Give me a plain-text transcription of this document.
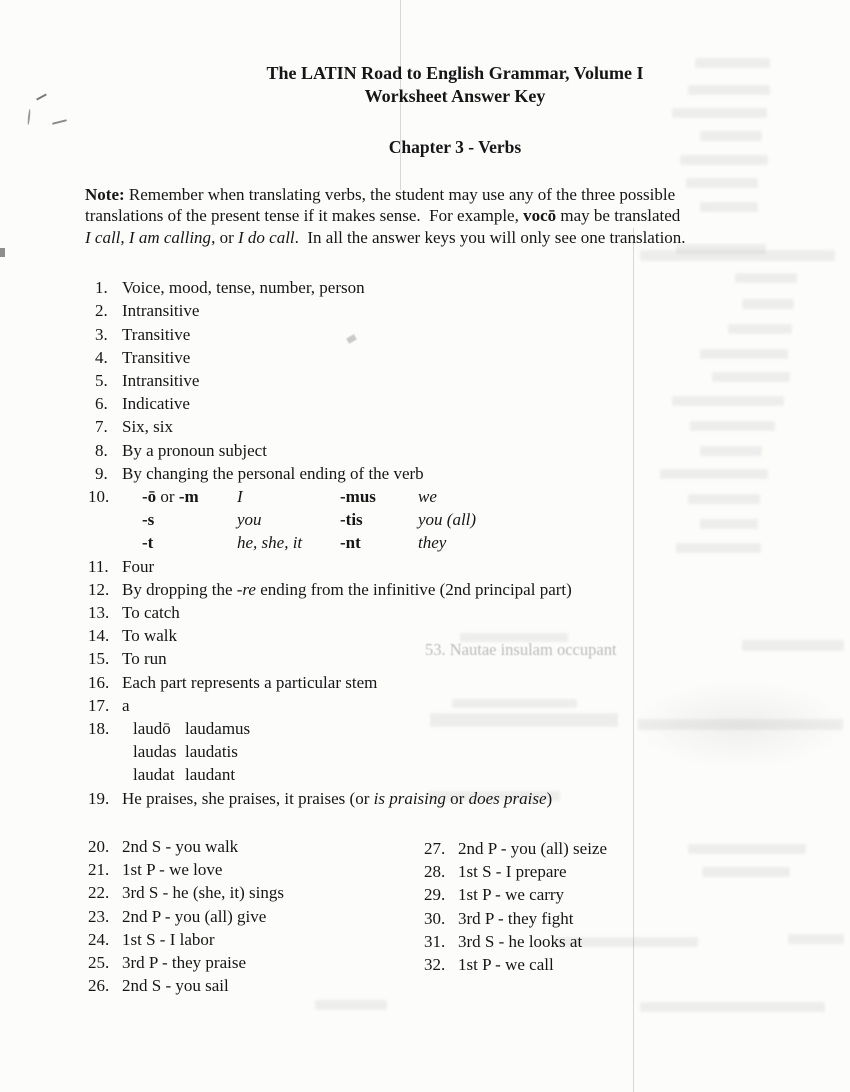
53. Nautae insulam occupant
The LATIN Road to English Grammar, Volume I
Worksheet Answer Key
Chapter 3 - Verbs
Note: Remember when translating verbs, the student may use any of the three possible
translations of the present tense if it makes sense.  For example, vocō may be translated
I call, I am calling, or I do call.  In all the answer keys you will only see one translation.
1. Voice, mood, tense, number, person
2. Intransitive
3. Transitive
4. Transitive
5. Intransitive
6. Indicative
7. Six, six
8. By a pronoun subject
9. By changing the personal ending of the verb
10.	-ō or -m	I	-mus	we
-s	you	-tis	you (all)
-t	he, she, it	-nt	they
11. Four
12. By dropping the -re ending from the infinitive (2nd principal part)
13. To catch
14. To walk
15. To run
16. Each part represents a particular stem
17. a
18.	laudō laudamus
laudas laudatis
laudat laudant
19. He praises, she praises, it praises (or is praising or does praise)
20. 2nd S - you walk
21. 1st P - we love
22. 3rd S - he (she, it) sings
23. 2nd P - you (all) give
24. 1st S - I labor
25. 3rd P - they praise
26. 2nd S - you sail
27. 2nd P - you (all) seize
28. 1st S - I prepare
29. 1st P - we carry
30. 3rd P - they fight
31. 3rd S - he looks at
32. 1st P - we call
